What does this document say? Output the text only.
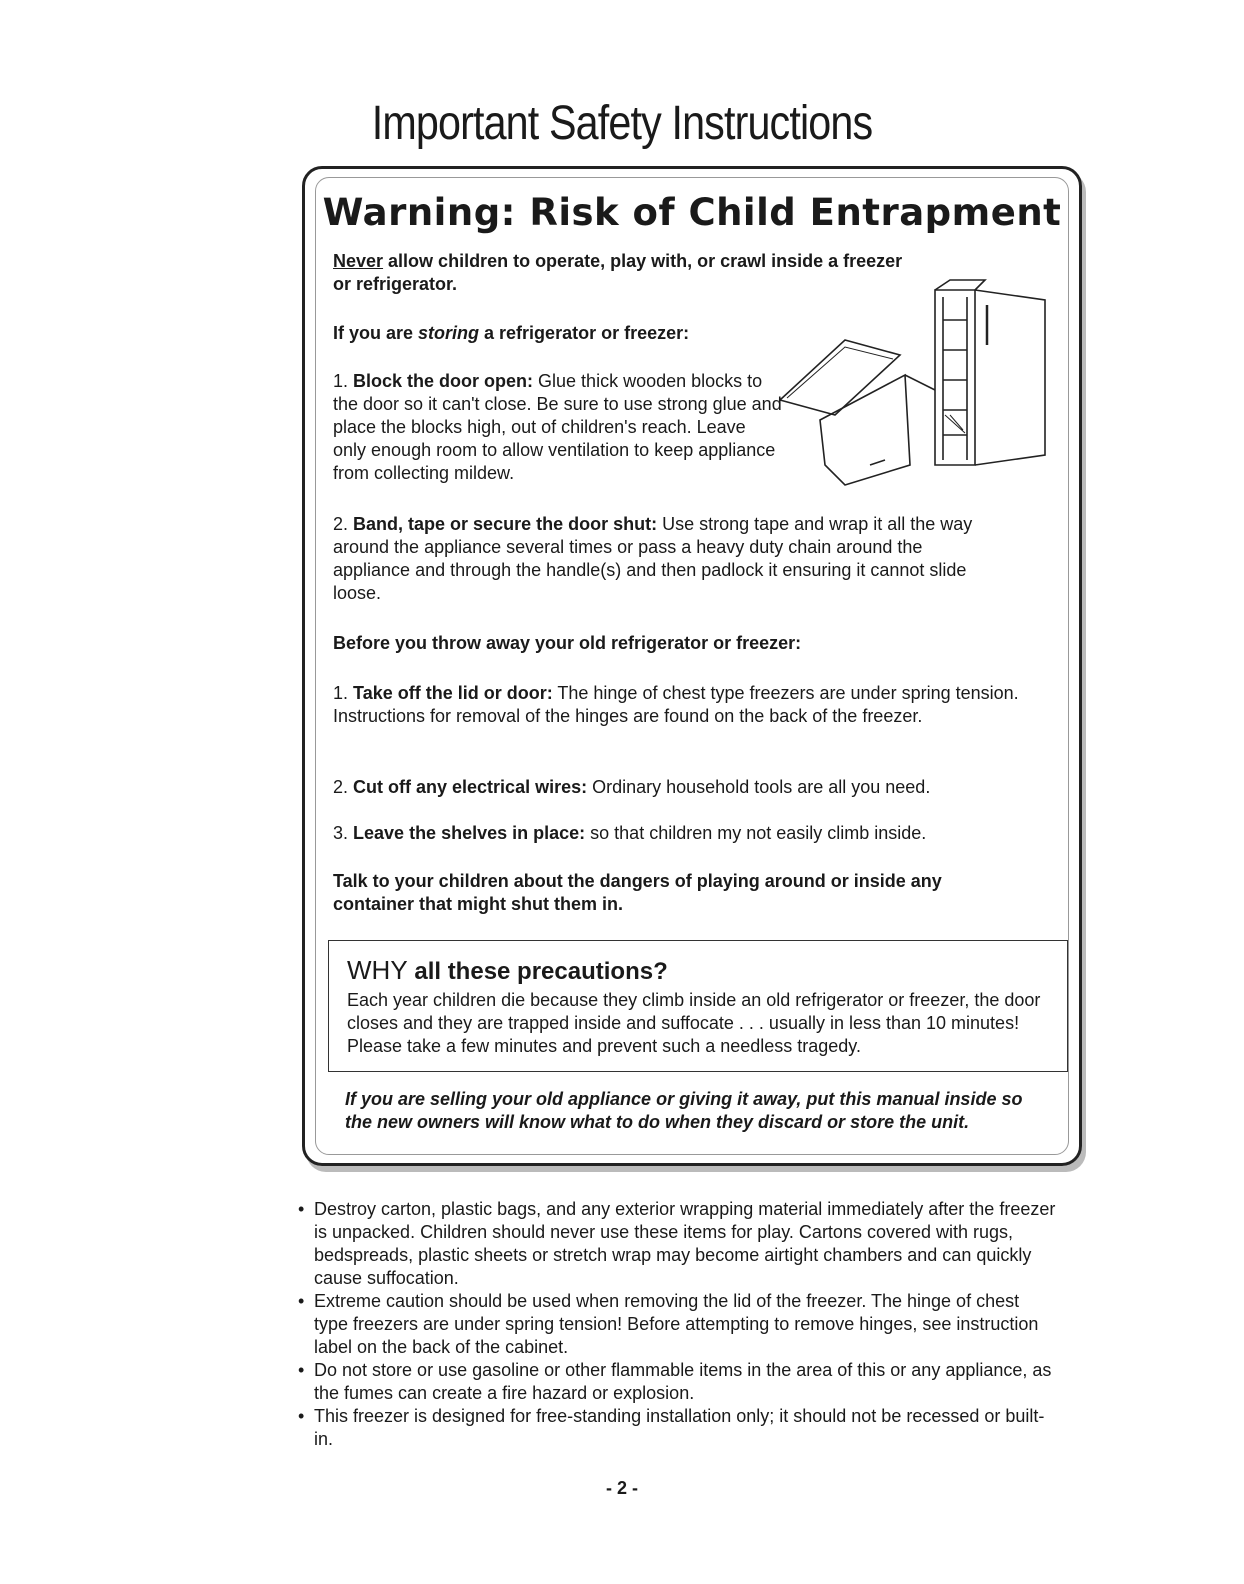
Important Safety Instructions
Warning: Risk of Child Entrapment
Never allow children to operate, play with, or crawl inside a freezer or refrigerator.
If you are storing a refrigerator or freezer:
1. Block the door open: Glue thick wooden blocks to the door so it can't close. Be sure to use strong glue and place the blocks high, out of children's reach. Leave only enough room to allow ventilation to keep appliance from collecting mildew.
2. Band, tape or secure the door shut: Use strong tape and wrap it all the way around the appliance several times or pass a heavy duty chain around the appliance and through the handle(s) and then padlock it ensuring it cannot slide loose.
Before you throw away your old refrigerator or freezer:
1. Take off the lid or door: The hinge of chest type freezers are under spring tension. Instructions for removal of the hinges are found on the back of the freezer.
2. Cut off any electrical wires: Ordinary household tools are all you need.
3. Leave the shelves in place: so that children my not easily climb inside.
Talk to your children about the dangers of playing around or inside any container that might shut them in.
WHY all these precautions?
Each year children die because they climb inside an old refrigerator or freezer, the door closes and they are trapped inside and suffocate . . . usually in less than 10 minutes! Please take a few minutes and prevent such a needless tragedy.
If you are selling your old appliance or giving it away, put this manual inside so the new owners will know what to do when they discard or store the unit.
• Destroy carton, plastic bags, and any exterior wrapping material immediately after the freezer is unpacked. Children should never use these items for play. Cartons covered with rugs, bedspreads, plastic sheets or stretch wrap may become airtight chambers and can quickly cause suffocation.
• Extreme caution should be used when removing the lid of the freezer. The hinge of chest type freezers are under spring tension! Before attempting to remove hinges, see instruction label on the back of the cabinet.
• Do not store or use gasoline or other flammable items in the area of this or any appliance, as the fumes can create a fire hazard or explosion.
• This freezer is designed for free-standing installation only; it should not be recessed or built-in.
- 2 -
